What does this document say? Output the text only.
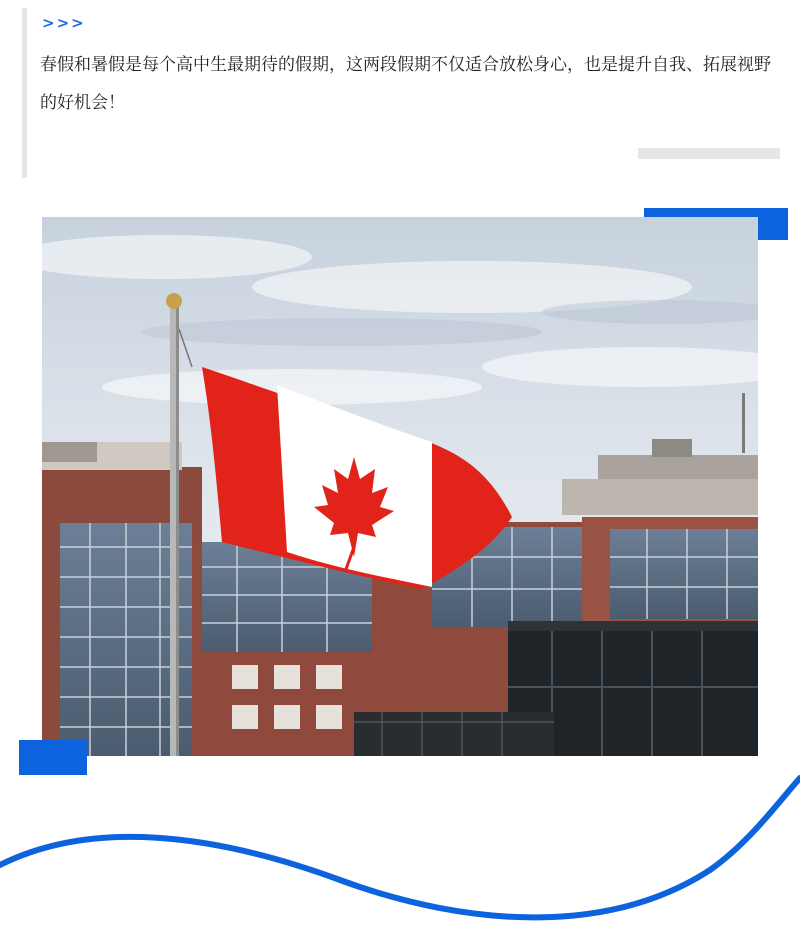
>>>
春假和暑假是每个高中生最期待的假期，这两段假期不仅适合放松身心，也是提升自我、拓展视野的好机会！
